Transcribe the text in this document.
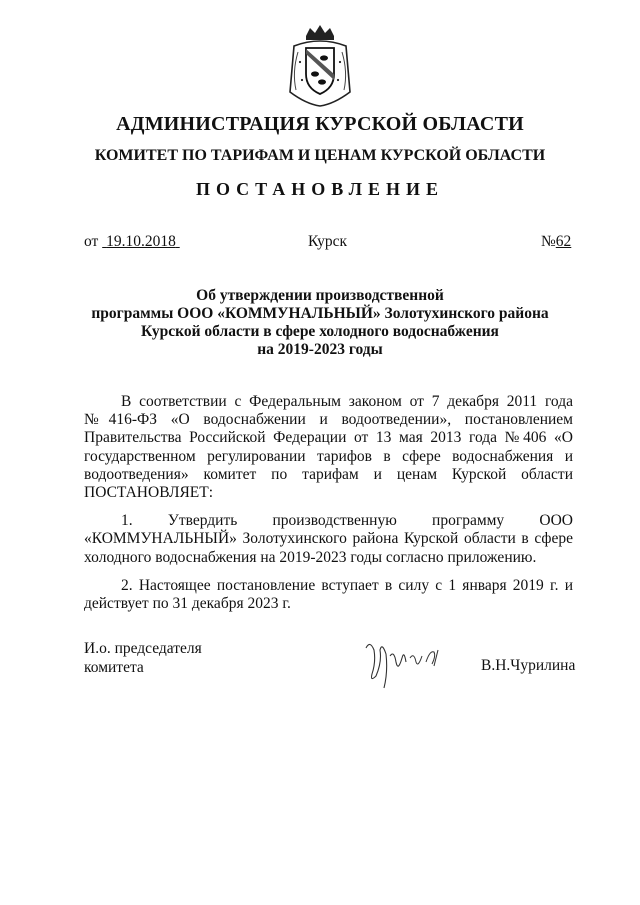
АДМИНИСТРАЦИЯ КУРСКОЙ ОБЛАСТИ
КОМИТЕТ ПО ТАРИФАМ И ЦЕНАМ КУРСКОЙ ОБЛАСТИ
ПОСТАНОВЛЕНИЕ
от 19.10.2018	Курск	№62
Об утверждении производственной
программы ООО «КОММУНАЛЬНЫЙ» Золотухинского района
Курской области в сфере холодного водоснабжения
на 2019-2023 годы
В соответствии с Федеральным законом от 7 декабря 2011 года №416-ФЗ «О водоснабжении и водоотведении», постановлением Правительства Российской Федерации от 13 мая 2013 года №406 «О государственном регулировании тарифов в сфере водоснабжения и водоотведения» комитет по тарифам и ценам Курской области ПОСТАНОВЛЯЕТ:
1. Утвердить производственную программу ООО «КОММУНАЛЬНЫЙ» Золотухинского района Курской области в сфере холодного водоснабжения на 2019-2023 годы согласно приложению.
2. Настоящее постановление вступает в силу с 1 января 2019 г. и действует по 31 декабря 2023 г.
И.о. председателя
комитета	В.Н.Чурилина
